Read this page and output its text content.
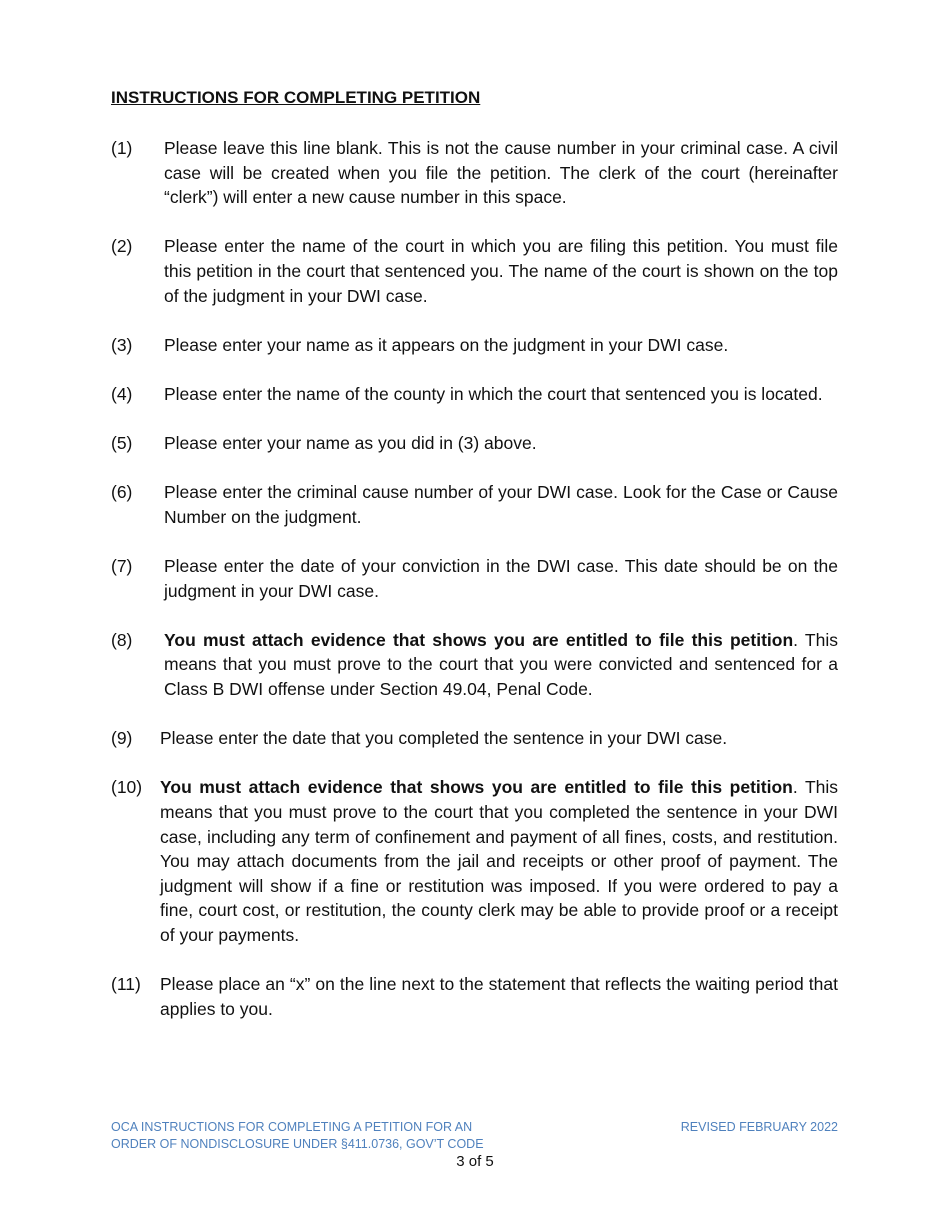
INSTRUCTIONS FOR COMPLETING PETITION
(1)	Please leave this line blank. This is not the cause number in your criminal case. A civil case will be created when you file the petition. The clerk of the court (hereinafter “clerk”) will enter a new cause number in this space.
(2)	Please enter the name of the court in which you are filing this petition. You must file this petition in the court that sentenced you. The name of the court is shown on the top of the judgment in your DWI case.
(3)	Please enter your name as it appears on the judgment in your DWI case.
(4)	Please enter the name of the county in which the court that sentenced you is located.
(5)	Please enter your name as you did in (3) above.
(6)	Please enter the criminal cause number of your DWI case. Look for the Case or Cause Number on the judgment.
(7)	Please enter the date of your conviction in the DWI case. This date should be on the judgment in your DWI case.
(8)	You must attach evidence that shows you are entitled to file this petition. This means that you must prove to the court that you were convicted and sentenced for a Class B DWI offense under Section 49.04, Penal Code.
(9)	Please enter the date that you completed the sentence in your DWI case.
(10)	You must attach evidence that shows you are entitled to file this petition. This means that you must prove to the court that you completed the sentence in your DWI case, including any term of confinement and payment of all fines, costs, and restitution. You may attach documents from the jail and receipts or other proof of payment. The judgment will show if a fine or restitution was imposed. If you were ordered to pay a fine, court cost, or restitution, the county clerk may be able to provide proof or a receipt of your payments.
(11)	Please place an “x” on the line next to the statement that reflects the waiting period that applies to you.
OCA INSTRUCTIONS FOR COMPLETING A PETITION FOR AN
ORDER OF NONDISCLOSURE UNDER §411.0736, GOV’T CODE
REVISED FEBRUARY 2022
3 of 5
